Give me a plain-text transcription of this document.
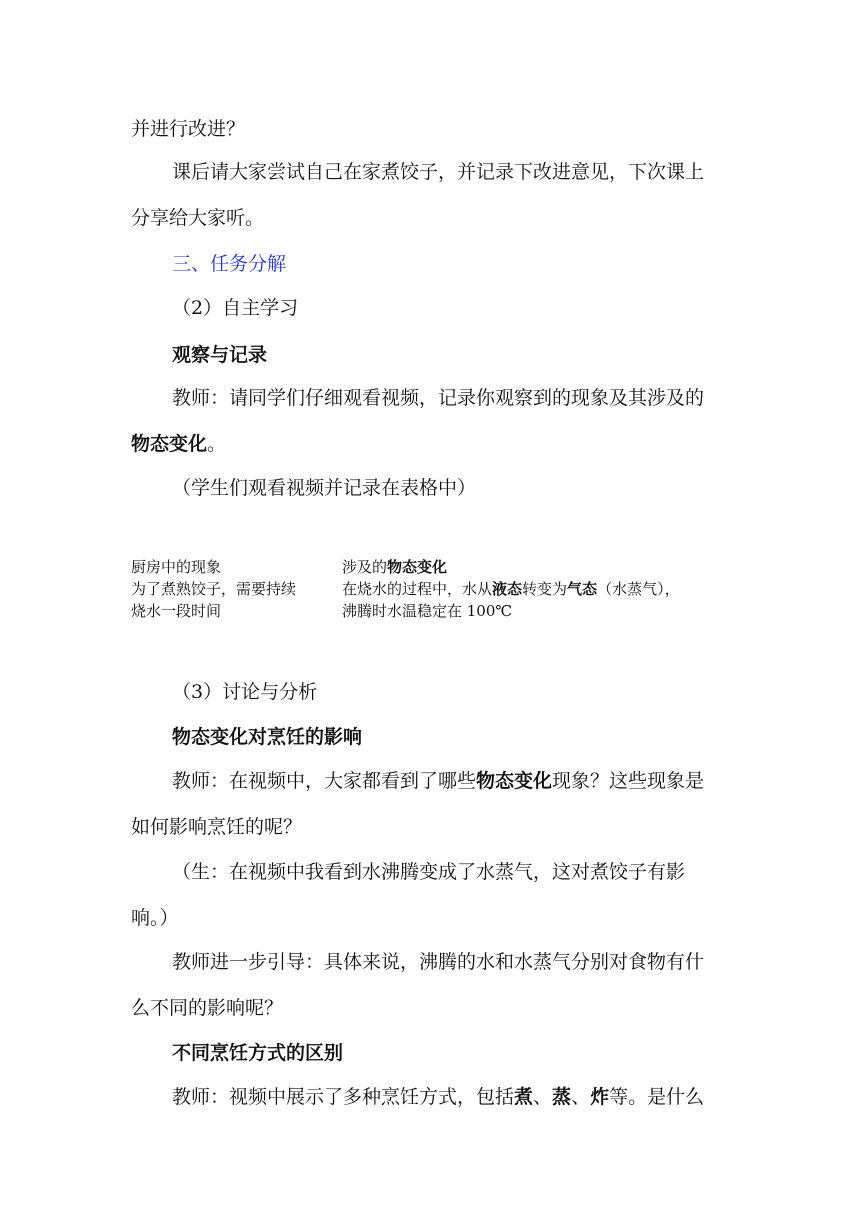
并进行改进？
课后请大家尝试自己在家煮饺子，并记录下改进意见，下次课上
分享给大家听。
三、任务分解
（2）自主学习
观察与记录
教师：请同学们仔细观看视频，记录你观察到的现象及其涉及的
物态变化。
（学生们观看视频并记录在表格中）
厨房中的现象	涉及的物态变化
为了煮熟饺子，需要持续
烧水一段时间
在烧水的过程中，水从液态转变为气态（水蒸气），
沸腾时水温稳定在 100℃
（3）讨论与分析
物态变化对烹饪的影响
教师：在视频中，大家都看到了哪些物态变化现象？这些现象是
如何影响烹饪的呢？
（生：在视频中我看到水沸腾变成了水蒸气，这对煮饺子有影
响。）
教师进一步引导：具体来说，沸腾的水和水蒸气分别对食物有什
么不同的影响呢？
不同烹饪方式的区别
教师：视频中展示了多种烹饪方式，包括煮、蒸、炸等。是什么
